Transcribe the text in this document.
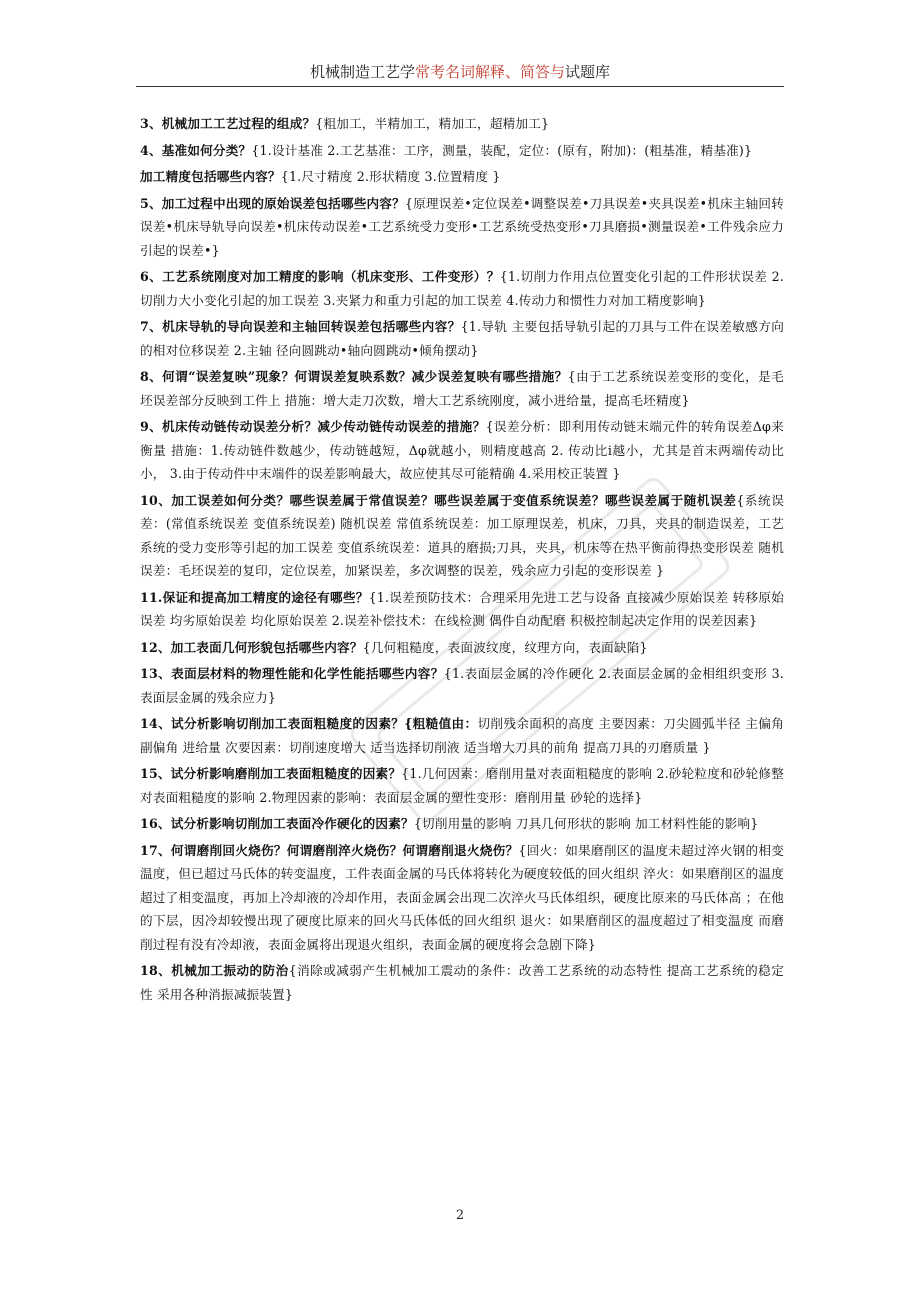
机械制造工艺学常考名词解释、简答与试题库

3、机械加工工艺过程的组成？{粗加工，半精加工，精加工，超精加工}

4、基准如何分类？{1.设计基准 2.工艺基准：工序，测量，装配，定位：(原有，附加)：(粗基准，精基准)}

加工精度包括哪些内容？{1.尺寸精度 2.形状精度 3.位置精度 }

5、加工过程中出现的原始误差包括哪些内容？{原理误差•定位误差•调整误差•刀具误差•夹具误差•机床主轴回转误差•机床导轨导向误差•机床传动误差•工艺系统受力变形•工艺系统受热变形•刀具磨损•测量误差•工件残余应力引起的误差•}

6、工艺系统刚度对加工精度的影响（机床变形、工件变形）？{1.切削力作用点位置变化引起的工件形状误差 2.切削力大小变化引起的加工误差 3.夹紧力和重力引起的加工误差 4.传动力和惯性力对加工精度影响}

7、机床导轨的导向误差和主轴回转误差包括哪些内容？{1.导轨 主要包括导轨引起的刀具与工件在误差敏感方向的相对位移误差 2.主轴 径向圆跳动•轴向圆跳动•倾角摆动}

8、何谓“误差复映”现象？何谓误差复映系数？减少误差复映有哪些措施？{由于工艺系统误差变形的变化，是毛坯误差部分反映到工件上 措施：增大走刀次数，增大工艺系统刚度，减小进给量，提高毛坯精度}

9、机床传动链传动误差分析？减少传动链传动误差的措施？{误差分析：即利用传动链末端元件的转角误差Δφ来衡量 措施：1.传动链件数越少，传动链越短，Δφ就越小，则精度越高 2. 传动比i越小，尤其是首末两端传动比小， 3.由于传动件中末端件的误差影响最大，故应使其尽可能精确 4.采用校正装置 }

10、加工误差如何分类？哪些误差属于常值误差？哪些误差属于变值系统误差？哪些误差属于随机误差{系统误差：(常值系统误差 变值系统误差) 随机误差 常值系统误差：加工原理误差，机床，刀具，夹具的制造误差，工艺系统的受力变形等引起的加工误差 变值系统误差：道具的磨损;刀具，夹具，机床等在热平衡前得热变形误差 随机误差：毛坯误差的复印，定位误差，加紧误差，多次调整的误差，残余应力引起的变形误差 }

11.保证和提高加工精度的途径有哪些？{1.误差预防技术：合理采用先进工艺与设备 直接减少原始误差 转移原始误差 均劣原始误差 均化原始误差 2.误差补偿技术：在线检测 偶件自动配磨 积极控制起决定作用的误差因素}

12、加工表面几何形貌包括哪些内容？{几何粗糙度，表面波纹度，纹理方向，表面缺陷}

13、表面层材料的物理性能和化学性能括哪些内容？{1.表面层金属的冷作硬化 2.表面层金属的金相组织变形 3.表面层金属的残余应力}

14、试分析影响切削加工表面粗糙度的因素？{粗糙值由：切削残余面积的高度 主要因素：刀尖圆弧半径 主偏角 副偏角 进给量 次要因素：切削速度增大 适当选择切削液 适当增大刀具的前角 提高刀具的刃磨质量 }

15、试分析影响磨削加工表面粗糙度的因素？{1.几何因素：磨削用量对表面粗糙度的影响 2.砂轮粒度和砂轮修整对表面粗糙度的影响 2.物理因素的影响：表面层金属的塑性变形：磨削用量 砂轮的选择}

16、试分析影响切削加工表面冷作硬化的因素？{切削用量的影响 刀具几何形状的影响 加工材料性能的影响}

17、何谓磨削回火烧伤？何谓磨削淬火烧伤？何谓磨削退火烧伤？{回火：如果磨削区的温度未超过淬火钢的相变温度，但已超过马氏体的转变温度，工件表面金属的马氏体将转化为硬度较低的回火组织 淬火：如果磨削区的温度超过了相变温度，再加上冷却液的冷却作用，表面金属会出现二次淬火马氏体组织，硬度比原来的马氏体高 ；在他的下层，因冷却较慢出现了硬度比原来的回火马氏体低的回火组织 退火：如果磨削区的温度超过了相变温度 而磨削过程有没有冷却液，表面金属将出现退火组织，表面金属的硬度将会急剧下降}

18、机械加工振动的防治{消除或减弱产生机械加工震动的条件：改善工艺系统的动态特性 提高工艺系统的稳定性 采用各种消振减振装置}

2
